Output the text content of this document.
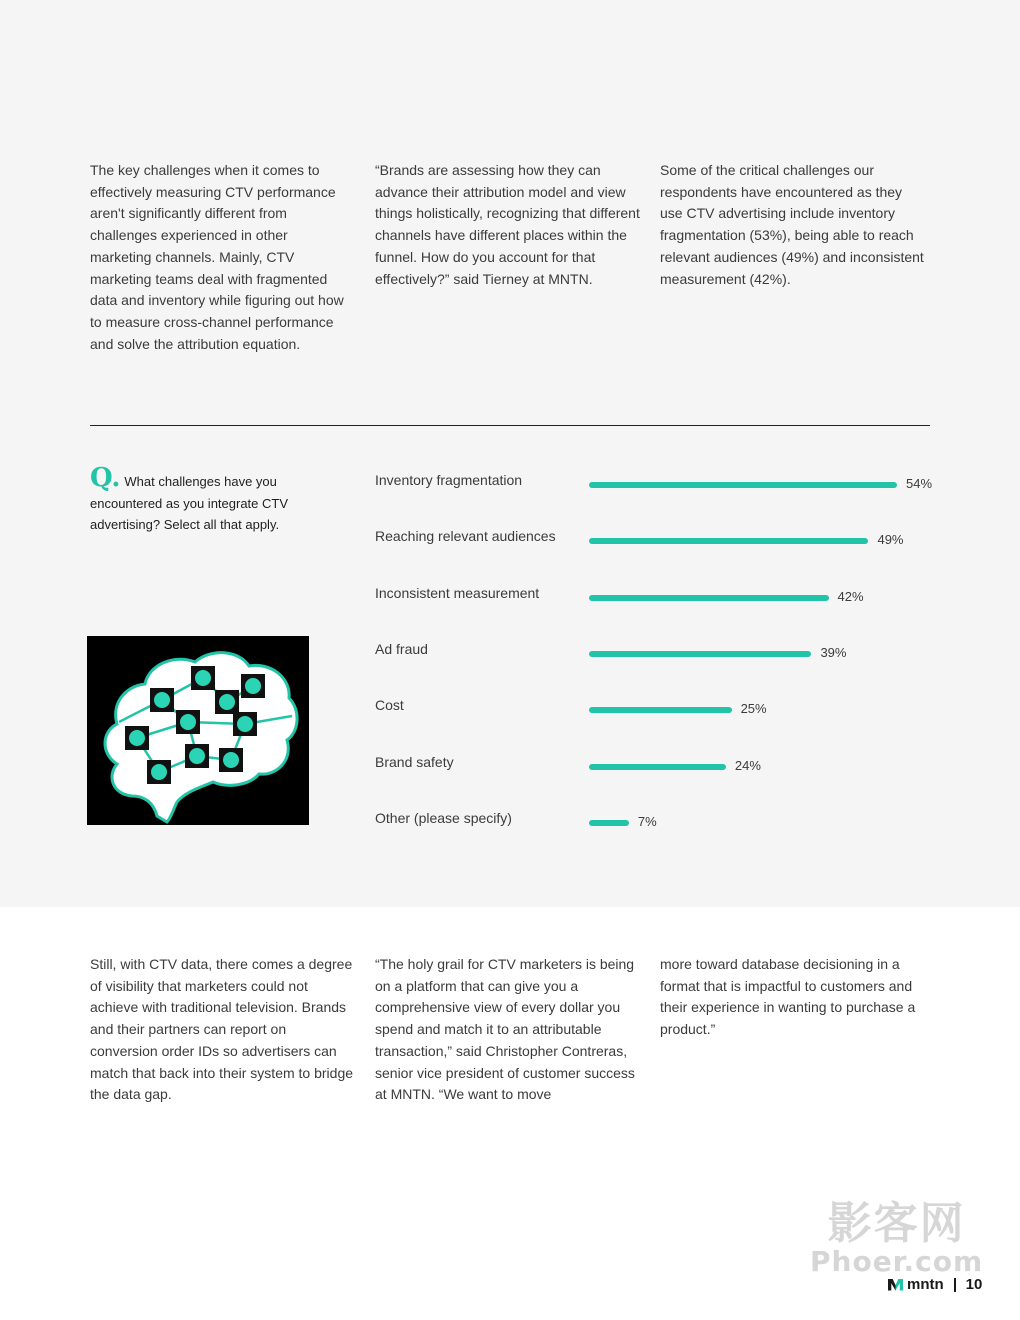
The key challenges when it comes to effectively measuring CTV performance aren't significantly different from challenges experienced in other marketing channels. Mainly, CTV marketing teams deal with fragmented data and inventory while figuring out how to measure cross-channel performance and solve the attribution equation.

“Brands are assessing how they can advance their attribution model and view things holistically, recognizing that different channels have different places within the funnel. How do you account for that effectively?” said Tierney at MNTN.

Some of the critical challenges our respondents have encountered as they use CTV advertising include inventory fragmentation (53%), being able to reach relevant audiences (49%) and inconsistent measurement (42%).

Q. What challenges have you encountered as you integrate CTV advertising? Select all that apply.
Inventory fragmentation	54%
Reaching relevant audiences	49%
Inconsistent measurement	42%
Ad fraud	39%
Cost	25%
Brand safety	24%
Other (please specify)	7%

Still, with CTV data, there comes a degree of visibility that marketers could not achieve with traditional television. Brands and their partners can report on conversion order IDs so advertisers can match that back into their system to bridge the data gap.

“The holy grail for CTV marketers is being on a platform that can give you a comprehensive view of every dollar you spend and match it to an attributable transaction,” said Christopher Contreras, senior vice president of customer success at MNTN. “We want to move

more toward database decisioning in a format that is impactful to customers and their experience in wanting to purchase a product.”

影客网
Phoer.com
mntn 10
